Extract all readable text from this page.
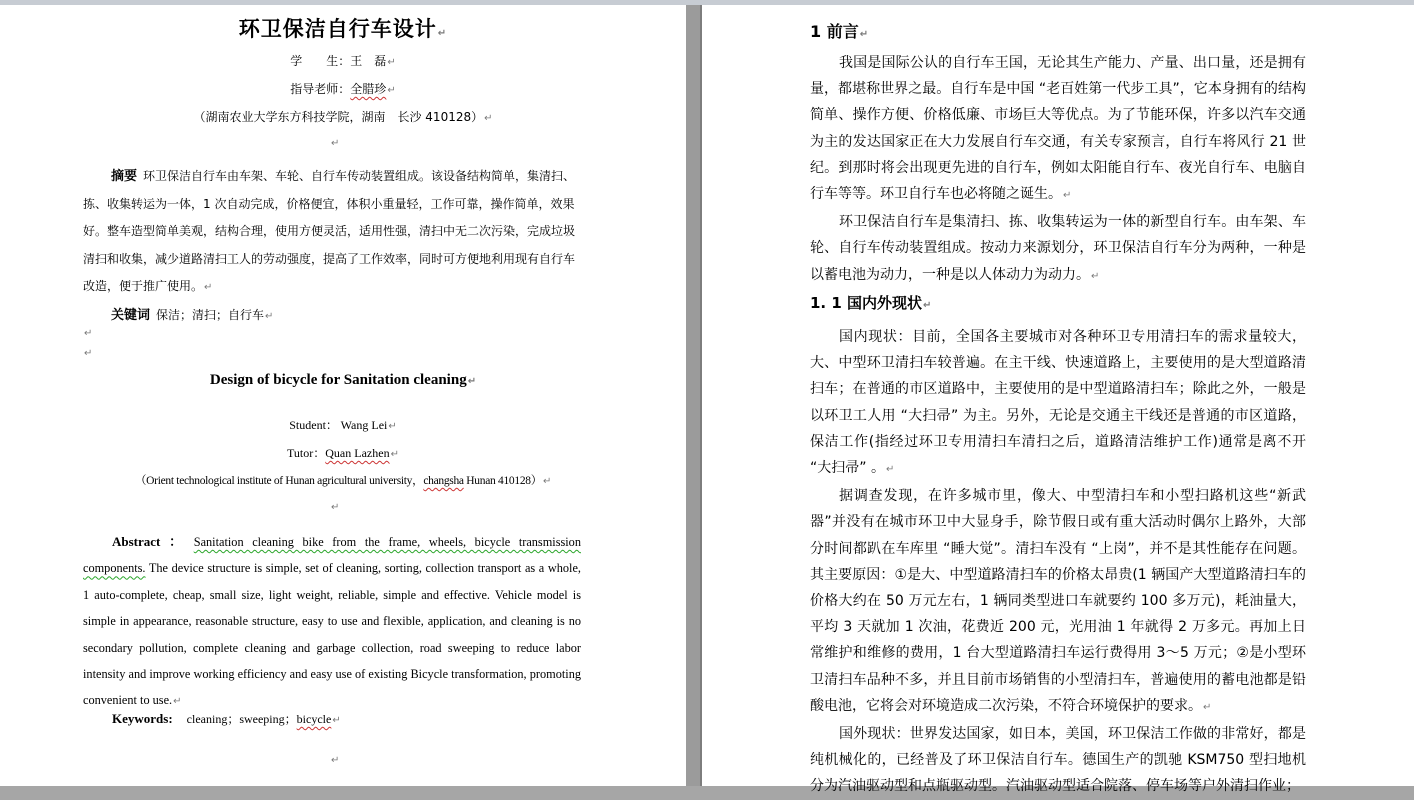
环卫保洁自行车设计↵
学　　生：王　磊↵
指导老师：全腊珍↵
（湖南农业大学东方科技学院，湖南　长沙 410128）↵
↵
摘要 环卫保洁自行车由车架、车轮、自行车传动装置组成。该设备结构简单，集清扫、拣、收集转运为一体，1 次自动完成，价格便宜，体积小重量轻，工作可靠，操作简单，效果好。整车造型简单美观，结构合理，使用方便灵活，适用性强，清扫中无二次污染，完成垃圾清扫和收集，减少道路清扫工人的劳动强度，提高了工作效率，同时可方便地利用现有自行车改造，便于推广使用。↵
关键词 保洁；清扫；自行车↵
↵
↵
Design of bicycle for Sanitation cleaning↵
Student： Wang Lei↵
Tutor：Quan Lazhen↵
（Orient technological institute of Hunan agricultural university，changsha Hunan 410128）↵
↵
Abstract ： Sanitation cleaning bike from the frame, wheels, bicycle transmission components. The device structure is simple, set of cleaning, sorting, collection transport as a whole, 1 auto-complete, cheap, small size, light weight, reliable, simple and effective. Vehicle model is simple in appearance, reasonable structure, easy to use and flexible, application, and cleaning is no secondary pollution, complete cleaning and garbage collection, road sweeping to reduce labor intensity and improve working efficiency and easy use of existing Bicycle transformation, promoting convenient to use.↵
Keywords: cleaning；sweeping；bicycle↵
↵
1 前言↵

我国是国际公认的自行车王国，无论其生产能力、产量、出口量，还是拥有量，都堪称世界之最。自行车是中国 “老百姓第一代步工具”，它本身拥有的结构简单、操作方便、价格低廉、市场巨大等优点。为了节能环保，许多以汽车交通为主的发达国家正在大力发展自行车交通，有关专家预言，自行车将风行 21 世纪。到那时将会出现更先进的自行车，例如太阳能自行车、夜光自行车、电脑自行车等等。环卫自行车也必将随之诞生。↵

环卫保洁自行车是集清扫、拣、收集转运为一体的新型自行车。由车架、车轮、自行车传动装置组成。按动力来源划分，环卫保洁自行车分为两种，一种是以蓄电池为动力，一种是以人体动力为动力。↵

1. 1 国内外现状↵

国内现状：目前，全国各主要城市对各种环卫专用清扫车的需求量较大，大、中型环卫清扫车较普遍。在主干线、快速道路上，主要使用的是大型道路清扫车；在普通的市区道路中，主要使用的是中型道路清扫车；除此之外，一般是以环卫工人用 “大扫帚” 为主。另外，无论是交通主干线还是普通的市区道路，保洁工作(指经过环卫专用清扫车清扫之后，道路清洁维护工作)通常是离不开 “大扫帚” 。↵

据调查发现，在许多城市里，像大、中型清扫车和小型扫路机这些“新武器”并没有在城市环卫中大显身手，除节假日或有重大活动时偶尔上路外，大部分时间都趴在车库里 “睡大觉”。清扫车没有 “上岗”，并不是其性能存在问题。其主要原因：①是大、中型道路清扫车的价格太昂贵(1 辆国产大型道路清扫车的价格大约在 50 万元左右，1 辆同类型进口车就要约 100 多万元)，耗油量大，平均 3 天就加 1 次油，花费近 200 元，光用油 1 年就得 2 万多元。再加上日常维护和维修的费用，1 台大型道路清扫车运行费得用 3～5 万元；②是小型环卫清扫车品种不多，并且目前市场销售的小型清扫车，普遍使用的蓄电池都是铅酸电池，它将会对环境造成二次污染，不符合环境保护的要求。↵

国外现状：世界发达国家，如日本，美国，环卫保洁工作做的非常好，都是纯机械化的，已经普及了环卫保洁自行车。德国生产的凯驰 KSM750 型扫地机分为汽油驱动型和点瓶驱动型。汽油驱动型适合院落、停车场等户外清扫作业；
